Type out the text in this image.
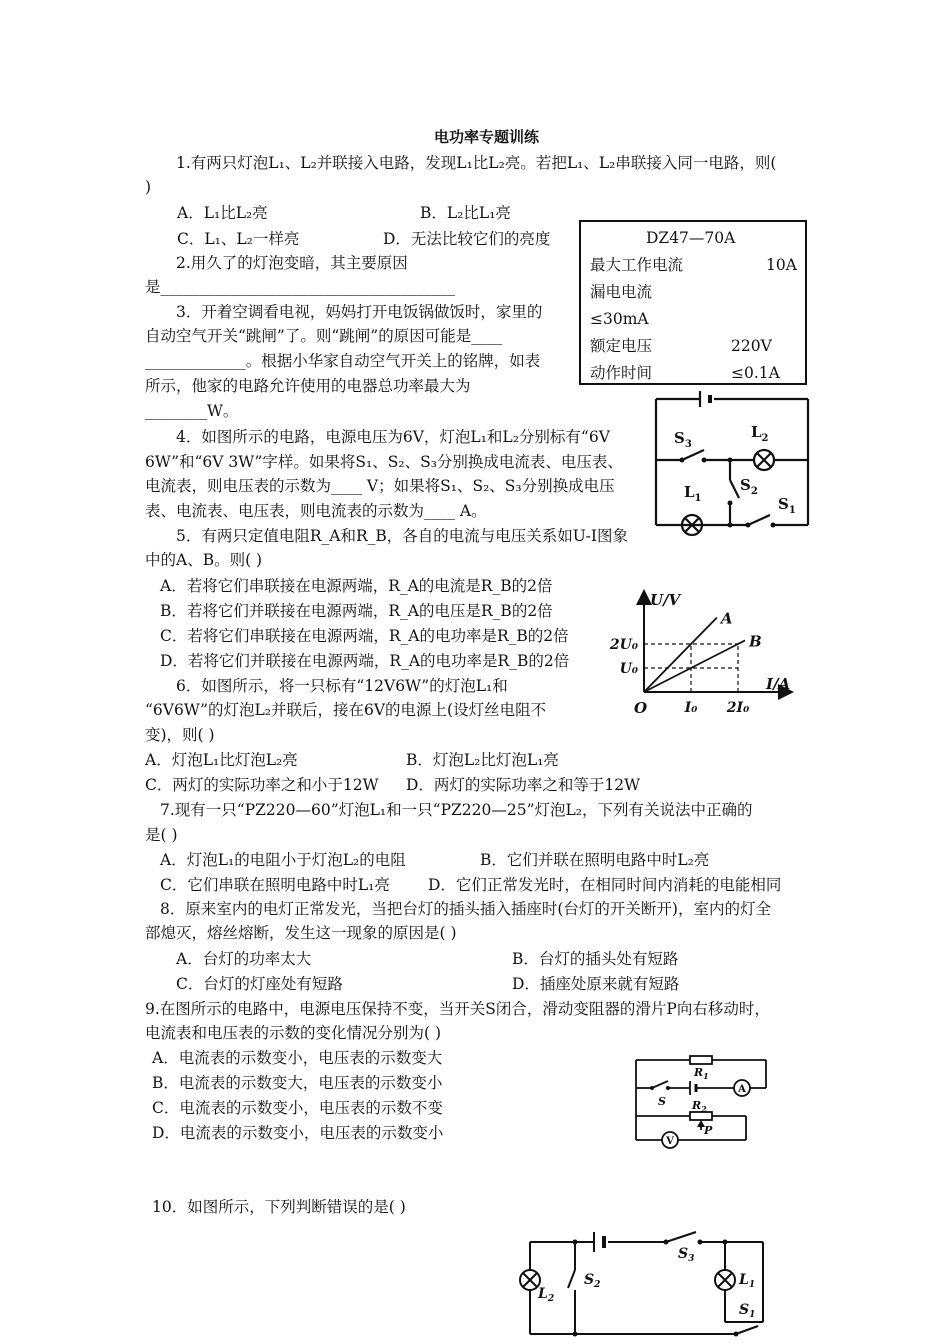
电功率专题训练
1.有两只灯泡L₁、L₂并联接入电路，发现L₁比L₂亮。若把L₁、L₂串联接入同一电路，则(
)
A．L₁比L₂亮	B．L₂比L₁亮
C．L₁、L₂一样亮	D．无法比较它们的亮度
2.用久了的灯泡变暗，其主要原因
是______________________________________
3．开着空调看电视，妈妈打开电饭锅做饭时，家里的
自动空气开关“跳闸”了。则“跳闸”的原因可能是____
_____________。根据小华家自动空气开关上的铭牌，如表
所示，他家的电路允许使用的电器总功率最大为
________W。
DZ47—70A
最大工作电流	10A
漏电电流
≤30mA
额定电压	220V
动作时间	≤0.1A
$S_3$
$L_2$
$L_1$
$S_2$
$S_1$
4．如图所示的电路，电源电压为6V，灯泡L₁和L₂分别标有“6V
6W”和“6V 3W”字样。如果将S₁、S₂、S₃分别换成电流表、电压表、
电流表，则电压表的示数为____ V；如果将S₁、S₂、S₃分别换成电压
表、电流表、电压表，则电流表的示数为____ A。
5．有两只定值电阻R_A和R_B，各自的电流与电压关系如U-I图象
中的A、B。则( )
A．若将它们串联接在电源两端，R_A的电流是R_B的2倍
B．若将它们并联接在电源两端，R_A的电压是R_B的2倍
C．若将它们串联接在电源两端，R_A的电功率是R_B的2倍
D．若将它们并联接在电源两端，R_A的电功率是R_B的2倍
I₀ 2I₀
U₀
2U₀
A
B
U/V
I/A
O
6．如图所示，将一只标有“12V6W”的灯泡L₁和
“6V6W”的灯泡L₂并联后，接在6V的电源上(设灯丝电阻不
变)，则( )
A．灯泡L₁比灯泡L₂亮	B．灯泡L₂比灯泡L₁亮
C．两灯的实际功率之和小于12W D．两灯的实际功率之和等于12W
7.现有一只“PZ220—60”灯泡L₁和一只“PZ220—25”灯泡L₂，下列有关说法中正确的
是( )
A．灯泡L₁的电阻小于灯泡L₂的电阻	B．它们并联在照明电路中时L₂亮
C．它们串联在照明电路中时L₁亮 D．它们正常发光时，在相同时间内消耗的电能相同
8．原来室内的电灯正常发光，当把台灯的插头插入插座时(台灯的开关断开)，室内的灯全
部熄灭，熔丝熔断，发生这一现象的原因是( )
A．台灯的功率太大	B．台灯的插头处有短路
C．台灯的灯座处有短路	D．插座处原来就有短路
9.在图所示的电路中，电源电压保持不变，当开关S闭合，滑动变阻器的滑片P向右移动时，
电流表和电压表的示数的变化情况分别为( )
A．电流表的示数变小，电压表的示数变大
B．电流表的示数变大，电压表的示数变小
C．电流表的示数变小，电压表的示数不变
D．电流表的示数变小，电压表的示数变小
$R_1$
$R_2$
S
P
A
V
10．如图所示，下列判断错误的是( )
$L_2$
$S_2$
$S_3$
$L_1$
$S_1$
